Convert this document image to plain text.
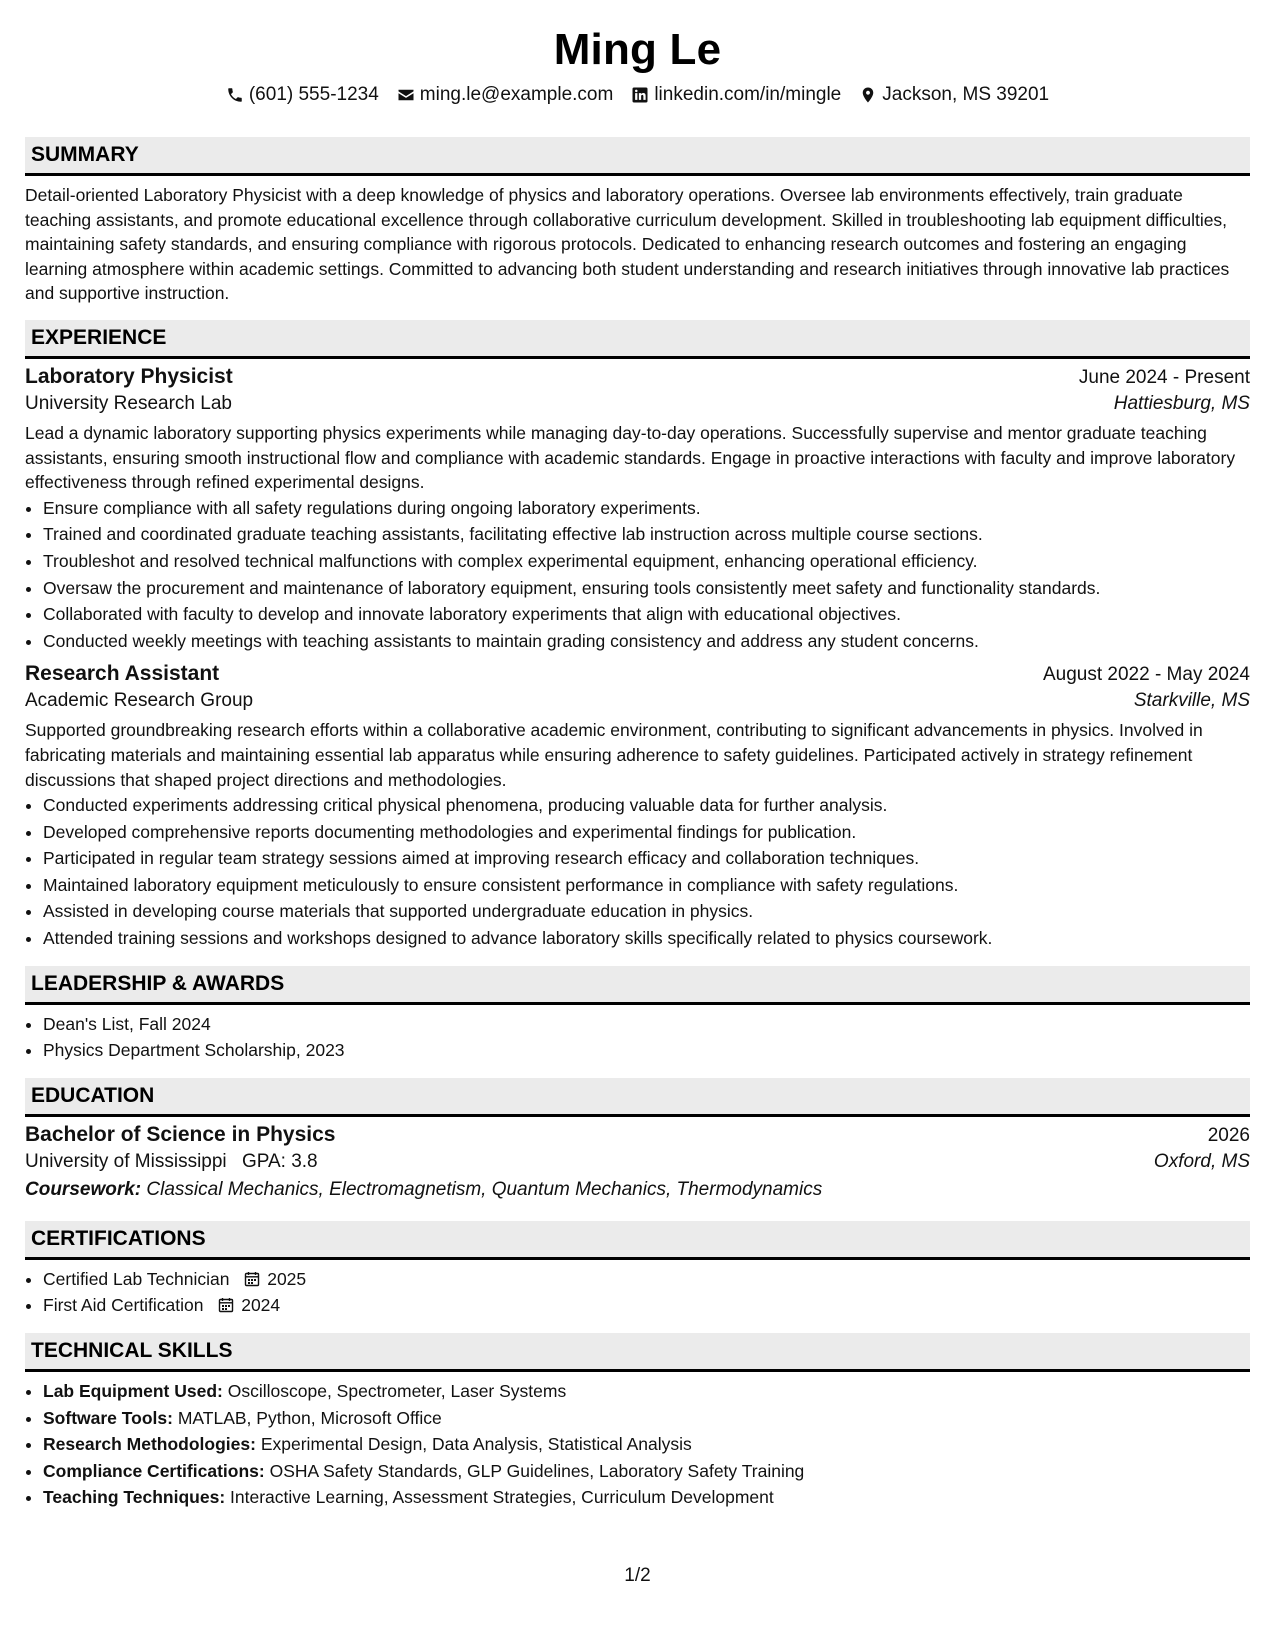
Ming Le
(601) 555-1234 ming.le@example.com linkedin.com/in/mingle Jackson, MS 39201
SUMMARY

Detail-oriented Laboratory Physicist with a deep knowledge of physics and laboratory operations. Oversee lab environments effectively, train graduate teaching assistants, and promote educational excellence through collaborative curriculum development. Skilled in troubleshooting lab equipment difficulties, maintaining safety standards, and ensuring compliance with rigorous protocols. Dedicated to enhancing research outcomes and fostering an engaging learning atmosphere within academic settings. Committed to advancing both student understanding and research initiatives through innovative lab practices and supportive instruction.

EXPERIENCE
Laboratory Physicist	June 2024 - Present
University Research Lab	Hattiesburg, MS

Lead a dynamic laboratory supporting physics experiments while managing day-to-day operations. Successfully supervise and mentor graduate teaching assistants, ensuring smooth instructional flow and compliance with academic standards. Engage in proactive interactions with faculty and improve laboratory effectiveness through refined experimental designs.

• Ensure compliance with all safety regulations during ongoing laboratory experiments.
• Trained and coordinated graduate teaching assistants, facilitating effective lab instruction across multiple course sections.
• Troubleshot and resolved technical malfunctions with complex experimental equipment, enhancing operational efficiency.
• Oversaw the procurement and maintenance of laboratory equipment, ensuring tools consistently meet safety and functionality standards.
• Collaborated with faculty to develop and innovate laboratory experiments that align with educational objectives.
• Conducted weekly meetings with teaching assistants to maintain grading consistency and address any student concerns.
Research Assistant	August 2022 - May 2024
Academic Research Group	Starkville, MS

Supported groundbreaking research efforts within a collaborative academic environment, contributing to significant advancements in physics. Involved in fabricating materials and maintaining essential lab apparatus while ensuring adherence to safety guidelines. Participated actively in strategy refinement discussions that shaped project directions and methodologies.

• Conducted experiments addressing critical physical phenomena, producing valuable data for further analysis.
• Developed comprehensive reports documenting methodologies and experimental findings for publication.
• Participated in regular team strategy sessions aimed at improving research efficacy and collaboration techniques.
• Maintained laboratory equipment meticulously to ensure consistent performance in compliance with safety regulations.
• Assisted in developing course materials that supported undergraduate education in physics.
• Attended training sessions and workshops designed to advance laboratory skills specifically related to physics coursework.
LEADERSHIP & AWARDS
• Dean's List, Fall 2024
• Physics Department Scholarship, 2023
EDUCATION
Bachelor of Science in Physics	2026
University of Mississippi GPA: 3.8	Oxford, MS
Coursework: Classical Mechanics, Electromagnetism, Quantum Mechanics, Thermodynamics
CERTIFICATIONS
• Certified Lab Technician 2025
• First Aid Certification 2024
TECHNICAL SKILLS
• Lab Equipment Used: Oscilloscope, Spectrometer, Laser Systems
• Software Tools: MATLAB, Python, Microsoft Office
• Research Methodologies: Experimental Design, Data Analysis, Statistical Analysis
• Compliance Certifications: OSHA Safety Standards, GLP Guidelines, Laboratory Safety Training
• Teaching Techniques: Interactive Learning, Assessment Strategies, Curriculum Development
1/2
